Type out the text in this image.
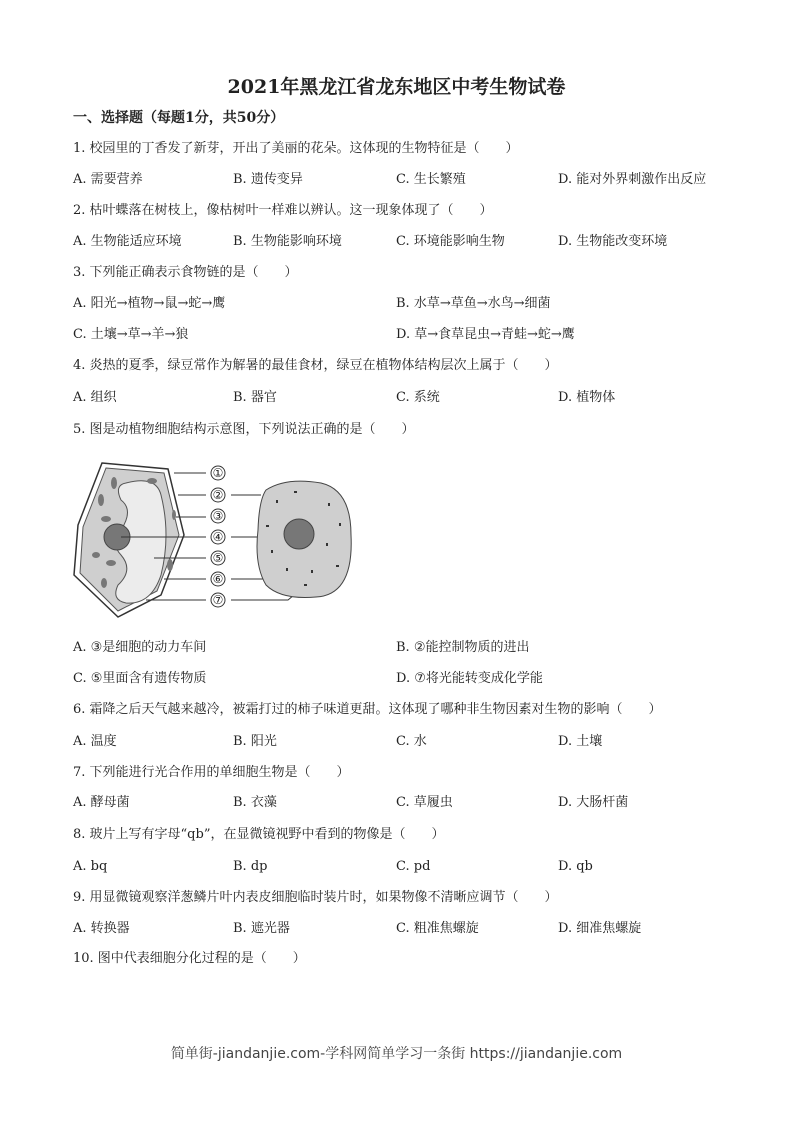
2021年黑龙江省龙东地区中考生物试卷
一、选择题（每题1分，共50分）
1. 校园里的丁香发了新芽，开出了美丽的花朵。这体现的生物特征是（　　）
A. 需要营养	B. 遗传变异	C. 生长繁殖	D. 能对外界刺激作出反应
2. 枯叶蝶落在树枝上，像枯树叶一样难以辨认。这一现象体现了（　　）
A. 生物能适应环境	B. 生物能影响环境	C. 环境能影响生物	D. 生物能改变环境
3. 下列能正确表示食物链的是（　　）
A. 阳光→植物→鼠→蛇→鹰	B. 水草→草鱼→水鸟→细菌
C. 土壤→草→羊→狼	D. 草→食草昆虫→青蛙→蛇→鹰
4. 炎热的夏季，绿豆常作为解暑的最佳食材，绿豆在植物体结构层次上属于（　　）
A. 组织	B. 器官	C. 系统	D. 植物体
5. 图是动植物细胞结构示意图，下列说法正确的是（　　）
①
②
③
④
⑤
⑥
⑦
A. ③是细胞的动力车间	B. ②能控制物质的进出
C. ⑤里面含有遗传物质	D. ⑦将光能转变成化学能
6. 霜降之后天气越来越冷，被霜打过的柿子味道更甜。这体现了哪种非生物因素对生物的影响（　　）
A. 温度	B. 阳光	C. 水	D. 土壤
7. 下列能进行光合作用的单细胞生物是（　　）
A. 酵母菌	B. 衣藻	C. 草履虫	D. 大肠杆菌
8. 玻片上写有字母“qb”，在显微镜视野中看到的物像是（　　）
A. bq	B. dp	C. pd	D. qb
9. 用显微镜观察洋葱鳞片叶内表皮细胞临时装片时，如果物像不清晰应调节（　　）
A. 转换器	B. 遮光器	C. 粗准焦螺旋	D. 细准焦螺旋
10. 图中代表细胞分化过程的是（　　）
简单街-jiandanjie.com-学科网简单学习一条街 https://jiandanjie.com
